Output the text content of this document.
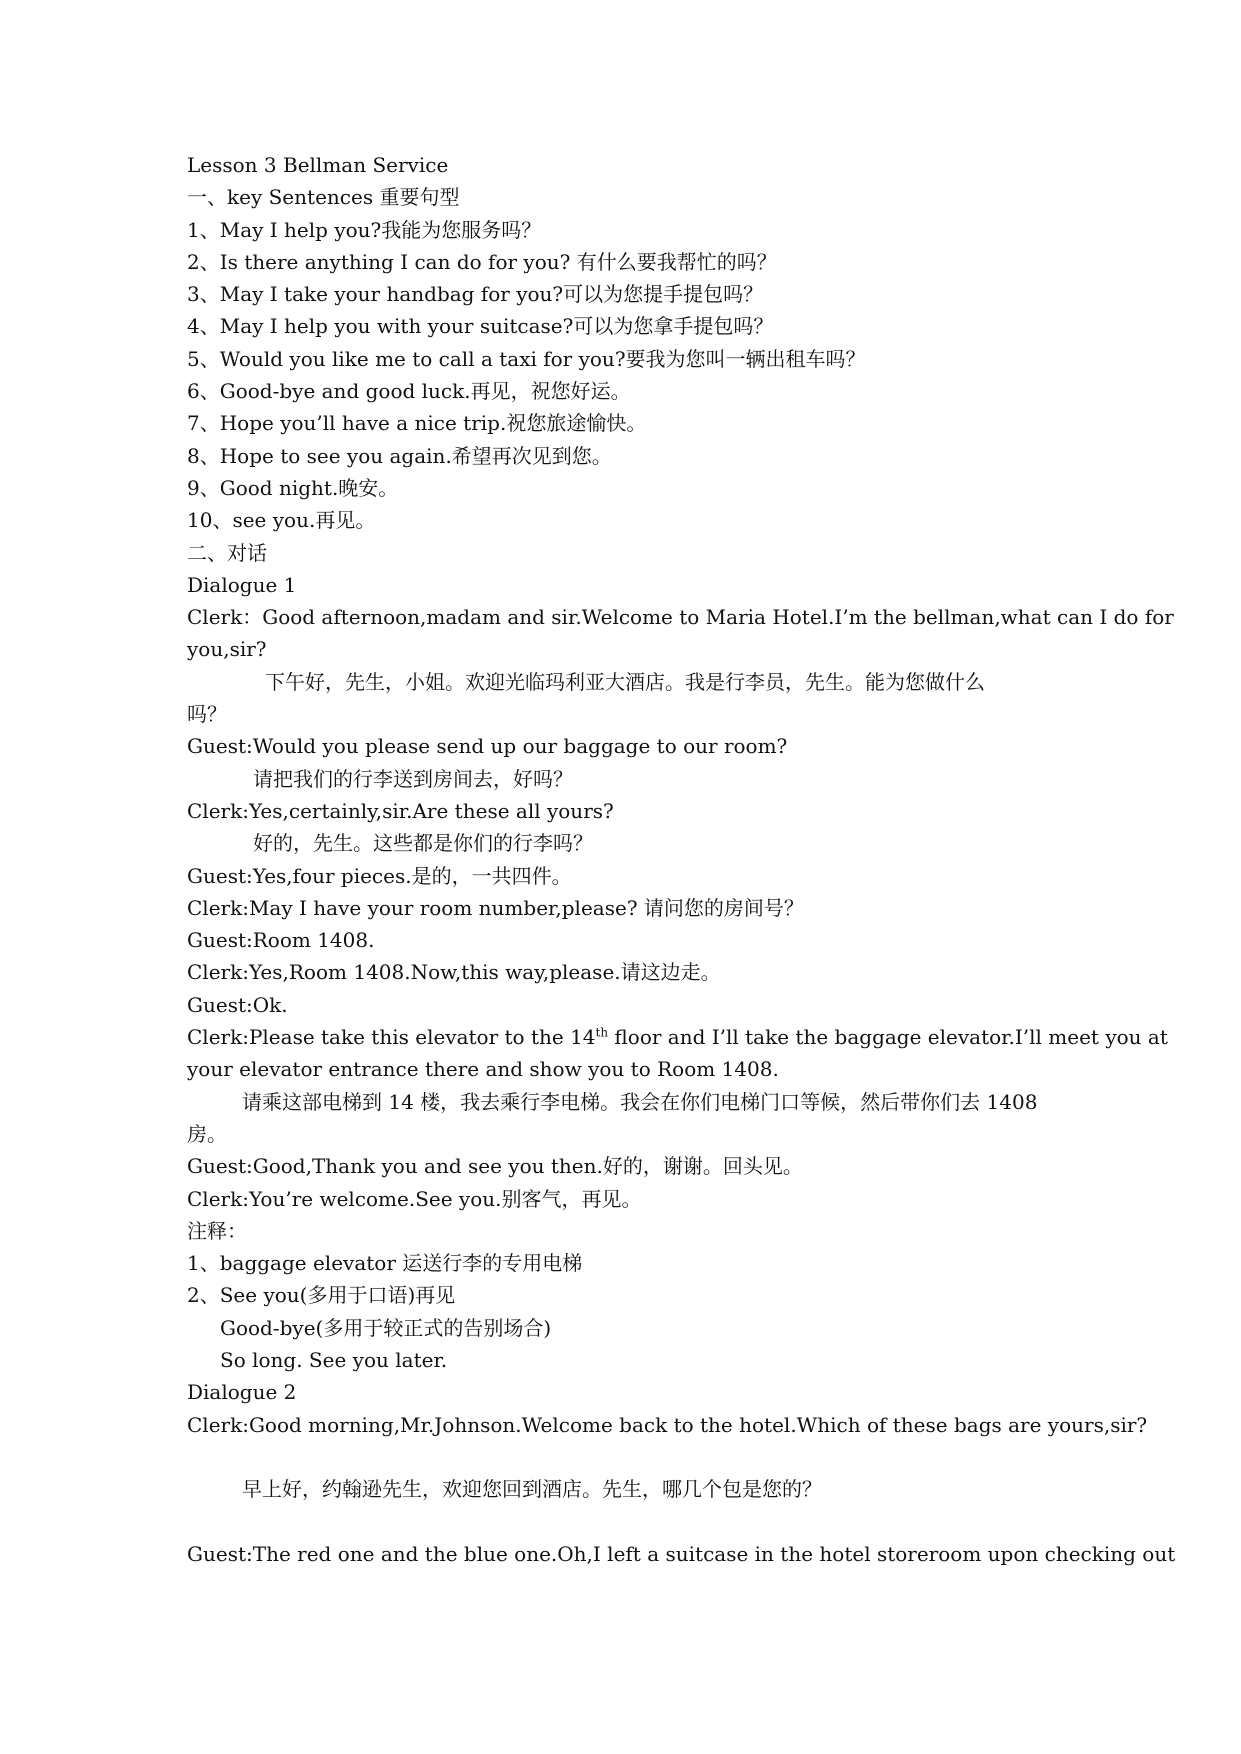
Lesson 3 Bellman Service
一、key Sentences 重要句型
1、May I help you?我能为您服务吗？
2、Is there anything I can do for you? 有什么要我帮忙的吗？
3、May I take your handbag for you?可以为您提手提包吗？
4、May I help you with your suitcase?可以为您拿手提包吗？
5、Would you like me to call a taxi for you?要我为您叫一辆出租车吗？
6、Good-bye and good luck.再见，祝您好运。
7、Hope you’ll have a nice trip.祝您旅途愉快。
8、Hope to see you again.希望再次见到您。
9、Good night.晚安。
10、see you.再见。
二、对话
Dialogue 1
Clerk：Good afternoon,madam and sir.Welcome to Maria Hotel.I’m the bellman,what can I do for
you,sir?
下午好，先生，小姐。欢迎光临玛利亚大酒店。我是行李员，先生。能为您做什么
吗？
Guest:Would you please send up our baggage to our room?
请把我们的行李送到房间去，好吗？
Clerk:Yes,certainly,sir.Are these all yours?
好的，先生。这些都是你们的行李吗？
Guest:Yes,four pieces.是的，一共四件。
Clerk:May I have your room number,please? 请问您的房间号？
Guest:Room 1408.
Clerk:Yes,Room 1408.Now,this way,please.请这边走。
Guest:Ok.
Clerk:Please take this elevator to the 14th floor and I’ll take the baggage elevator.I’ll meet you at
your elevator entrance there and show you to Room 1408.
请乘这部电梯到 14 楼，我去乘行李电梯。我会在你们电梯门口等候，然后带你们去 1408
房。
Guest:Good,Thank you and see you then.好的，谢谢。回头见。
Clerk:You’re welcome.See you.别客气，再见。
注释：
1、baggage elevator 运送行李的专用电梯
2、See you(多用于口语)再见
Good-bye(多用于较正式的告别场合)
So long. See you later.
Dialogue 2
Clerk:Good morning,Mr.Johnson.Welcome back to the hotel.Which of these bags are yours,sir?
早上好，约翰逊先生，欢迎您回到酒店。先生，哪几个包是您的？
Guest:The red one and the blue one.Oh,I left a suitcase in the hotel storeroom upon checking out
